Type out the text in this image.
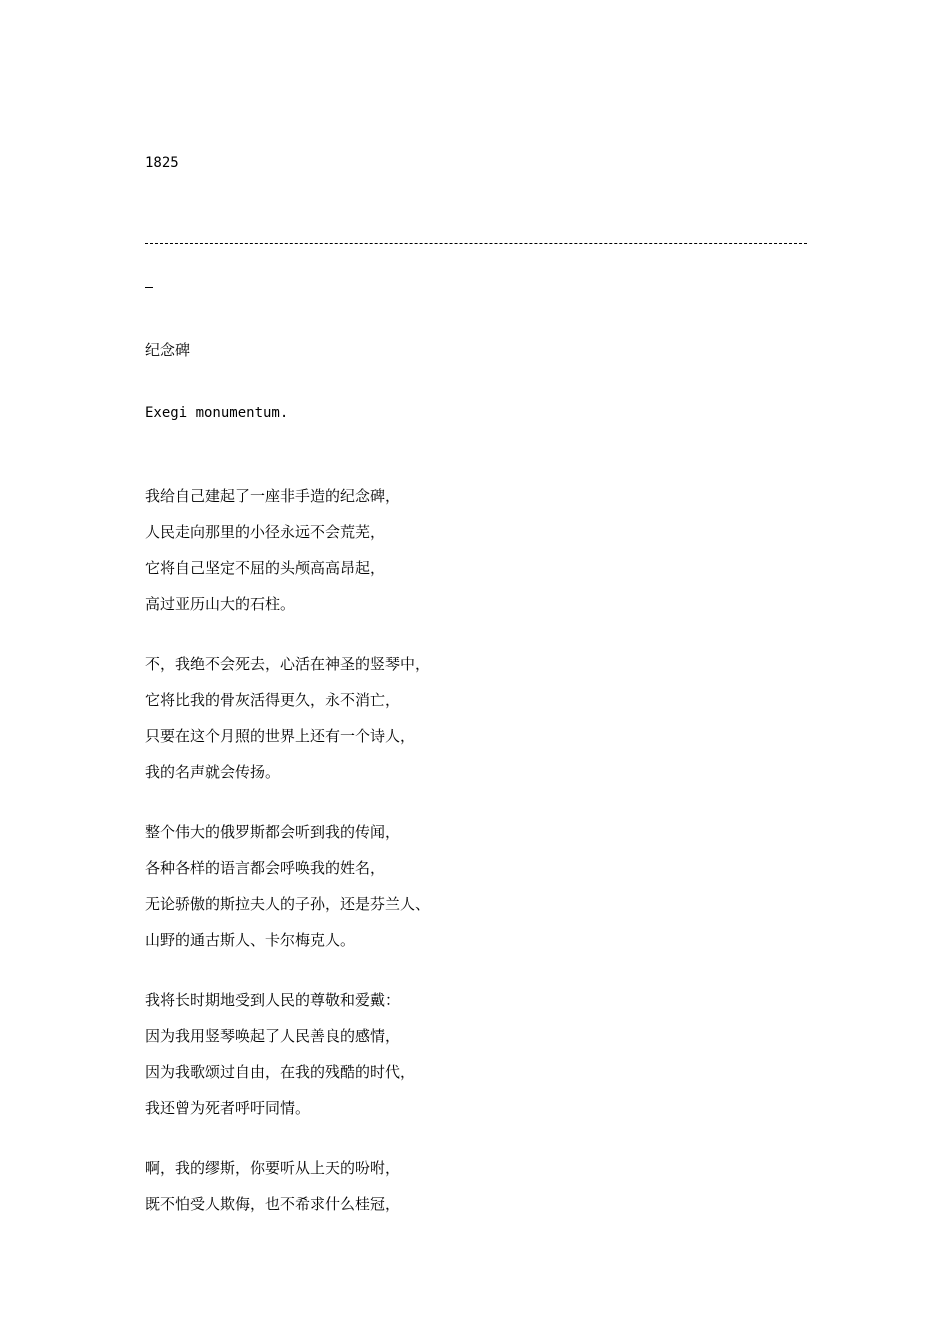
1825

纪念碑

Exegi monumentum.

我给自己建起了一座非手造的纪念碑，

人民走向那里的小径永远不会荒芜，

它将自己坚定不屈的头颅高高昂起，

高过亚历山大的石柱。

不，我绝不会死去，心活在神圣的竖琴中，

它将比我的骨灰活得更久，永不消亡，

只要在这个月照的世界上还有一个诗人，

我的名声就会传扬。

整个伟大的俄罗斯都会听到我的传闻，

各种各样的语言都会呼唤我的姓名，

无论骄傲的斯拉夫人的子孙，还是芬兰人、

山野的通古斯人、卡尔梅克人。

我将长时期地受到人民的尊敬和爱戴：

因为我用竖琴唤起了人民善良的感情，

因为我歌颂过自由，在我的残酷的时代，

我还曾为死者呼吁同情。

啊，我的缪斯，你要听从上天的吩咐，

既不怕受人欺侮，也不希求什么桂冠，
